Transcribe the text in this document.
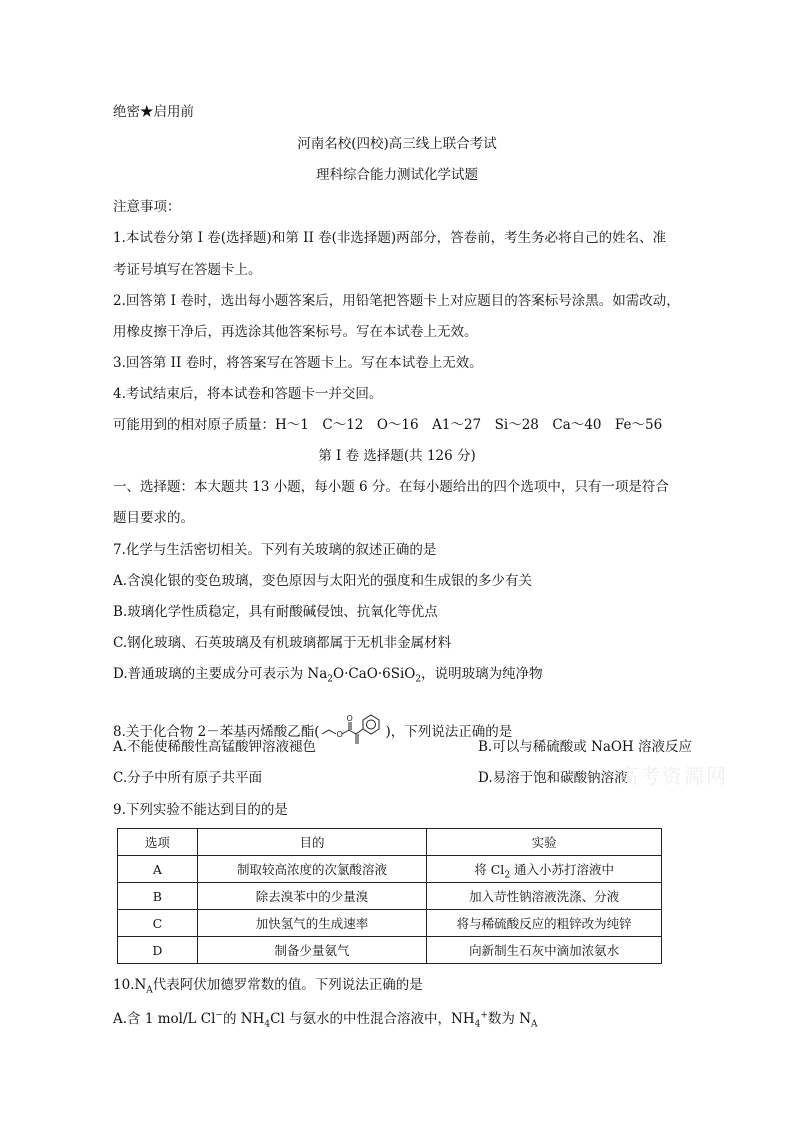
绝密★启用前
河南名校(四校)高三线上联合考试
理科综合能力测试化学试题
注意事项：
1.本试卷分第 I 卷(选择题)和第 II 卷(非选择题)两部分，答卷前，考生务必将自己的姓名、准
考证号填写在答题卡上。
2.回答第 I 卷时，选出每小题答案后，用铅笔把答题卡上对应题目的答案标号涂黑。如需改动，
用橡皮擦干净后，再选涂其他答案标号。写在本试卷上无效。
3.回答第 II 卷时，将答案写在答题卡上。写在本试卷上无效。
4.考试结束后，将本试卷和答题卡一并交回。
可能用到的相对原子质量：H～1　C～12　O～16　A1～27　Si～28　Ca～40　Fe～56
第 I 卷 选择题(共 126 分)
一、选择题：本大题共 13 小题，每小题 6 分。在每小题给出的四个选项中，只有一项是符合
题目要求的。
7.化学与生活密切相关。下列有关玻璃的叙述正确的是
A.含溴化银的变色玻璃，变色原因与太阳光的强度和生成银的多少有关
B.玻璃化学性质稳定，具有耐酸碱侵蚀、抗氧化等优点
C.钢化玻璃、石英玻璃及有机玻璃都属于无机非金属材料
D.普通玻璃的主要成分可表示为 $Na_2O\cdot CaO\cdot 6SiO_2$，说明玻璃为纯净物
8.关于化合物 2－苯基丙烯酸乙酯( O
O
)，下列说法正确的是
A.不能使稀酸性高锰酸钾溶液褪色	B.可以与稀硫酸或 NaOH 溶液反应
C.分子中所有原子共平面	D.易溶于饱和碳酸钠溶液
高考资源网
9.下列实验不能达到目的的是
选项	目的	实验
A	制取较高浓度的次氯酸溶液	将 $Cl_2$ 通入小苏打溶液中
B	除去溴苯中的少量溴	加入苛性钠溶液洗涤、分液
C	加快氢气的生成速率	将与稀硫酸反应的粗锌改为纯锌
D	制备少量氨气	向新制生石灰中滴加浓氨水
$10.N_A$代表阿伏加德罗常数的值。下列说法正确的是
A.含 1 mol/L Cl−的 $NH_4Cl$ 与氨水的中性混合溶液中，$NH_4^+$数为 $N_A$
